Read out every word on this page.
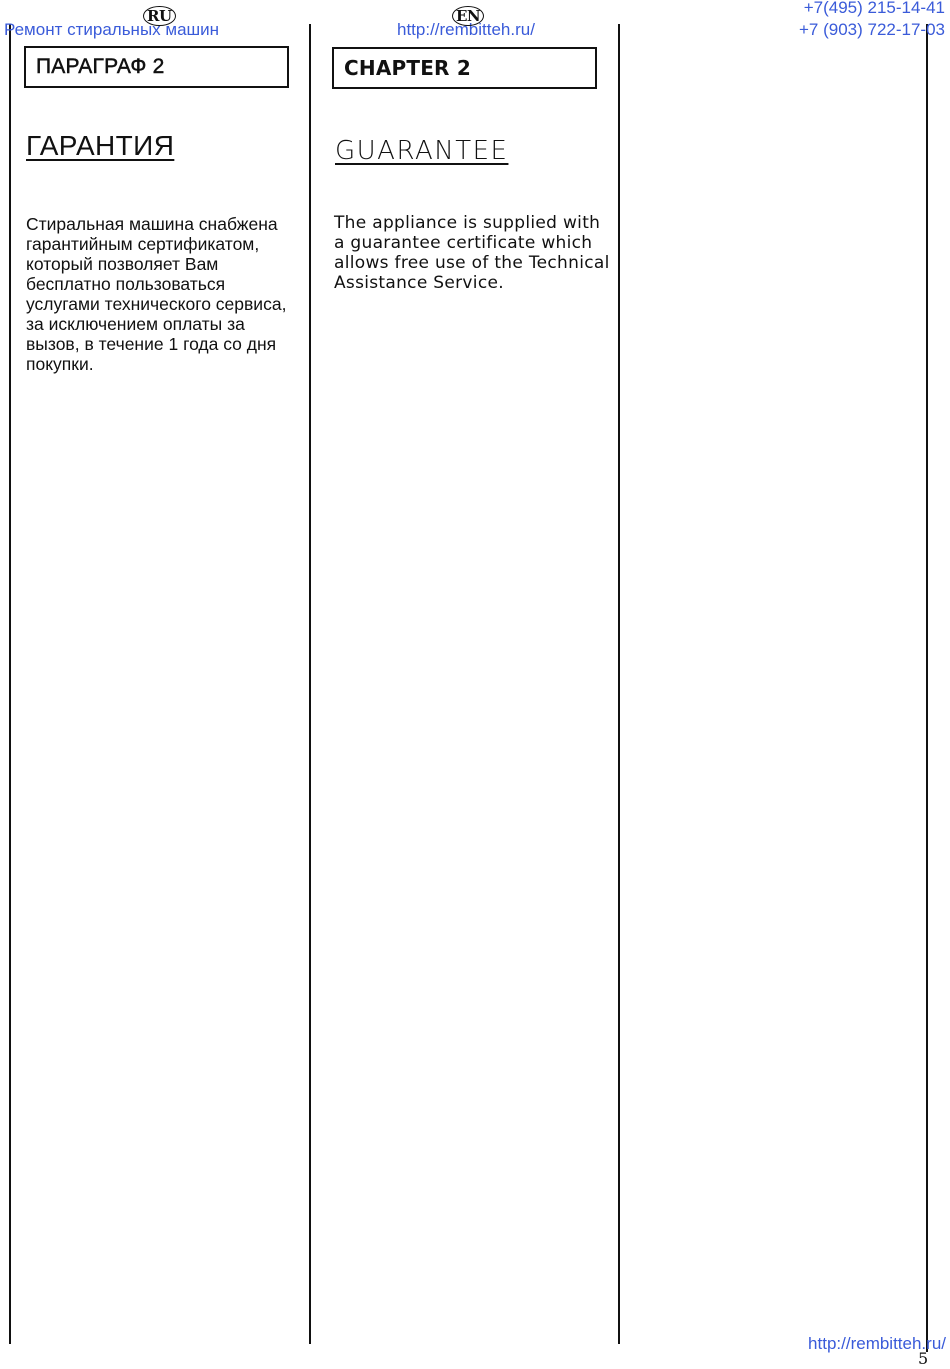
Ремонт стиральных машин	http://rembitteh.ru/
+7(495) 215-14-41
+7 (903) 722-17-03
RU	EN
ПАРАГРАФ 2
ГАРАНТИЯ

Стиральная машина снабжена гарантийным сертификатом, который позволяет Вам бесплатно пользоваться услугами технического сервиса, за исключением оплаты за вызов, в течение 1 года со дня покупки.

CHAPTER 2
GUARANTEE

The appliance is supplied with a guarantee certificate which allows free use of the Technical Assistance Service.

http://rembitteh.ru/
5
